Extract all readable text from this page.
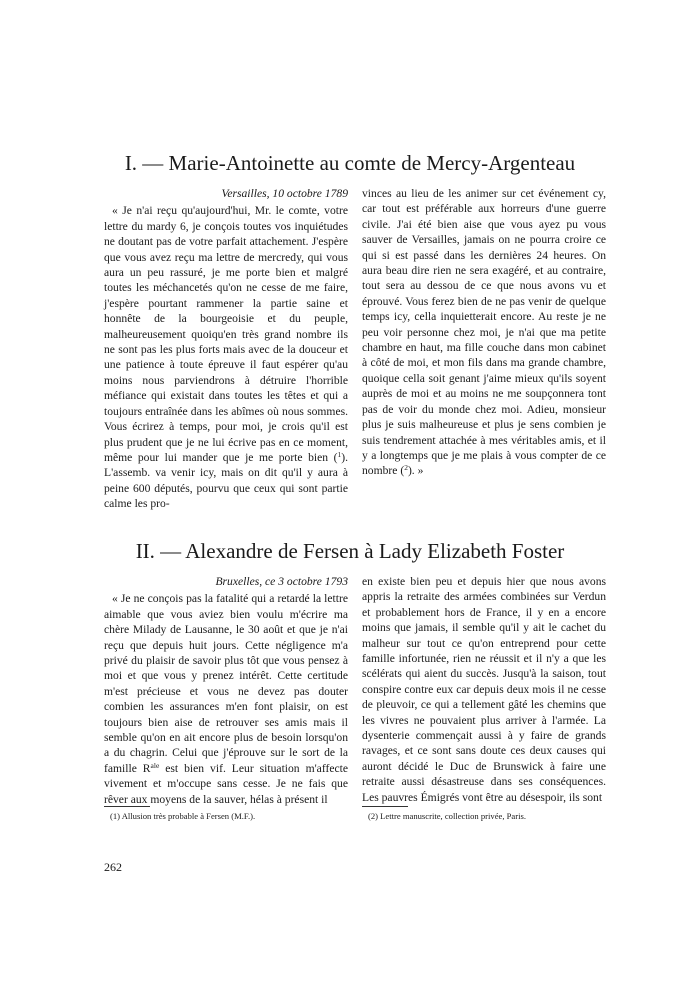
I. — Marie-Antoinette au comte de Mercy-Argenteau

Versailles, 10 octobre 1789

« Je n'ai reçu qu'aujourd'hui, Mr. le comte, votre lettre du mardy 6, je conçois toutes vos inquiétudes ne doutant pas de votre parfait attachement. J'espère que vous avez reçu ma lettre de mercredy, qui vous aura un peu rassuré, je me porte bien et malgré toutes les méchancetés qu'on ne cesse de me faire, j'espère pourtant rammener la partie saine et honnête de la bourgeoisie et du peuple, malheureusement quoiqu'en très grand nombre ils ne sont pas les plus forts mais avec de la douceur et une patience à toute épreuve il faut espérer qu'au moins nous parviendrons à détruire l'horrible méfiance qui existait dans toutes les têtes et qui a toujours entraînée dans les abîmes où nous sommes. Vous écrirez à temps, pour moi, je crois qu'il est plus prudent que je ne lui écrive pas en ce moment, même pour lui mander que je me porte bien ($^1$). L'assemb. va venir icy, mais on dit qu'il y aura à peine 600 députés, pourvu que ceux qui sont partie calme les pro-

vinces au lieu de les animer sur cet événement cy, car tout est préférable aux horreurs d'une guerre civile. J'ai été bien aise que vous ayez pu vous sauver de Versailles, jamais on ne pourra croire ce qui si est passé dans les dernières 24 heures. On aura beau dire rien ne sera exagéré, et au contraire, tout sera au dessou de ce que nous avons vu et éprouvé. Vous ferez bien de ne pas venir de quelque temps icy, cella inquietterait encore. Au reste je ne peu voir personne chez moi, je n'ai que ma petite chambre en haut, ma fille couche dans mon cabinet à côté de moi, et mon fils dans ma grande chambre, quoique cella soit genant j'aime mieux qu'ils soyent auprès de moi et au moins ne me soupçonnera tont pas de voir du monde chez moi. Adieu, monsieur plus je suis malheureuse et plus je sens combien je suis tendrement attachée à mes véritables amis, et il y a longtemps que je me plais à vous compter de ce nombre ($^2$). »

II. — Alexandre de Fersen à Lady Elizabeth Foster

Bruxelles, ce 3 octobre 1793

« Je ne conçois pas la fatalité qui a retardé la lettre aimable que vous aviez bien voulu m'écrire ma chère Milady de Lausanne, le 30 août et que je n'ai reçu que depuis huit jours. Cette négligence m'a privé du plaisir de savoir plus tôt que vous pensez à moi et que vous y prenez intérêt. Cette certitude m'est précieuse et vous ne devez pas douter combien les assurances m'en font plaisir, on est toujours bien aise de retrouver ses amis mais il semble qu'on en ait encore plus de besoin lorsqu'on a du chagrin. Celui que j'éprouve sur le sort de la famille $R^{ale}$ est bien vif. Leur situation m'affecte vivement et m'occupe sans cesse. Je ne fais que rêver aux moyens de la sauver, hélas à présent il

en existe bien peu et depuis hier que nous avons appris la retraite des armées combinées sur Verdun et probablement hors de France, il y en a encore moins que jamais, il semble qu'il y ait le cachet du malheur sur tout ce qu'on entreprend pour cette famille infortunée, rien ne réussit et il n'y a que les scélérats qui aient du succès. Jusqu'à la saison, tout conspire contre eux car depuis deux mois il ne cesse de pleuvoir, ce qui a tellement gâté les chemins que les vivres ne pouvaient plus arriver à l'armée. La dysenterie commençait aussi à y faire de grands ravages, et ce sont sans doute ces deux causes qui auront décidé le Duc de Brunswick à faire une retraite aussi désastreuse dans ses conséquences. Les pauvres Émigrés vont être au désespoir, ils sont

(1) Allusion très probable à Fersen (M.F.).	(2) Lettre manuscrite, collection privée, Paris.
262
